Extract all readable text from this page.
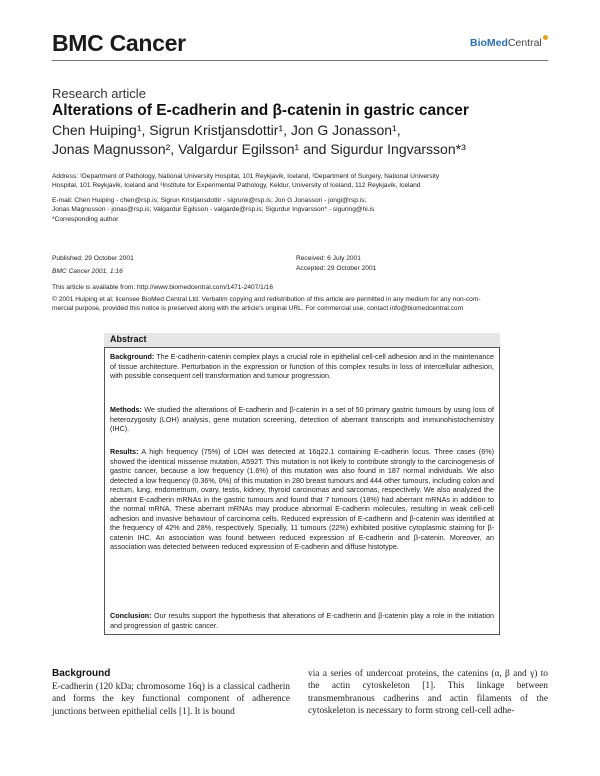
BMC Cancer	BioMedCentral
Research article
Alterations of E-cadherin and β-catenin in gastric cancer
Chen Huiping¹, Sigrun Kristjansdottir¹, Jon G Jonasson¹,
Jonas Magnusson², Valgardur Egilsson¹ and Sigurdur Ingvarsson*³
Address: ¹Department of Pathology, National University Hospital, 101 Reykjavik, Iceland, ²Department of Surgery, National University
Hospital, 101 Reykjavik, Iceland and ³Institute for Experimental Pathology, Keldur, University of Iceland, 112 Reykjavik, Iceland
E-mail: Chen Huiping - chen@rsp.is; Sigrun Kristjansdottir - sigrunk@rsp.is; Jon G Jonasson - jongi@rsp.is;
Jonas Magnusson - jonas@rsp.is; Valgardur Egilsson - valgarde@rsp.is; Sigurdur Ingvarsson* - siguring@hi.is
*Corresponding author
Published: 29 October 2001
BMC Cancer 2001, 1:16
Received: 6 July 2001
Accepted: 29 October 2001
This article is available from: http://www.biomedcentral.com/1471-2407/1/16
© 2001 Huiping et al; licensee BioMed Central Ltd. Verbatim copying and redistribution of this article are permitted in any medium for any non-com-
mercial purpose, provided this notice is preserved along with the article's original URL. For commercial use, contact info@biomedcentral.com
Abstract
Background: The E-cadherin-catenin complex plays a crucial role in epithelial cell-cell adhesion and in the maintenance of tissue architecture. Perturbation in the expression or function of this complex results in loss of intercellular adhesion, with possible consequent cell transformation and tumour progression.
Methods: We studied the alterations of E-cadherin and β-catenin in a set of 50 primary gastric tumours by using loss of heterozygosity (LOH) analysis, gene mutation screening, detection of aberrant transcripts and immunohistochemistry (IHC).
Results: A high frequency (75%) of LOH was detected at 16q22.1 containing E-cadherin locus. Three cases (6%) showed the identical missense mutation, A592T. This mutation is not likely to contribute strongly to the carcinogenesis of gastric cancer, because a low frequency (1.6%) of this mutation was also found in 187 normal individuals. We also detected a low frequency (0.36%, 0%) of this mutation in 280 breast tumours and 444 other tumours, including colon and rectum, lung, endometrium, ovary, testis, kidney, thyroid carcinomas and sarcomas, respectively. We also analyzed the aberrant E-cadherin mRNAs in the gastric tumours and found that 7 tumours (18%) had aberrant mRNAs in addition to the normal mRNA. These aberrant mRNAs may produce abnormal E-cadherin molecules, resulting in weak cell-cell adhesion and invasive behaviour of carcinoma cells. Reduced expression of E-cadherin and β-catenin was identified at the frequency of 42% and 28%, respectively. Specially, 11 tumours (22%) exhibited positive cytoplasmic staining for β-catenin IHC. An association was found between reduced expression of E-cadherin and β-catenin. Moreover, an association was detected between reduced expression of E-cadherin and diffuse histotype.
Conclusion: Our results support the hypothesis that alterations of E-cadherin and β-catenin play a role in the initiation and progression of gastric cancer.
Background
E-cadherin (120 kDa; chromosome 16q) is a classical cadherin and forms the key functional component of adherence junctions between epithelial cells [1]. It is bound
via a series of undercoat proteins, the catenins (α, β and γ) to the actin cytoskeleton [1]. This linkage between transmembranous cadherins and actin filaments of the cytoskeleton is necessary to form strong cell-cell adhe-
